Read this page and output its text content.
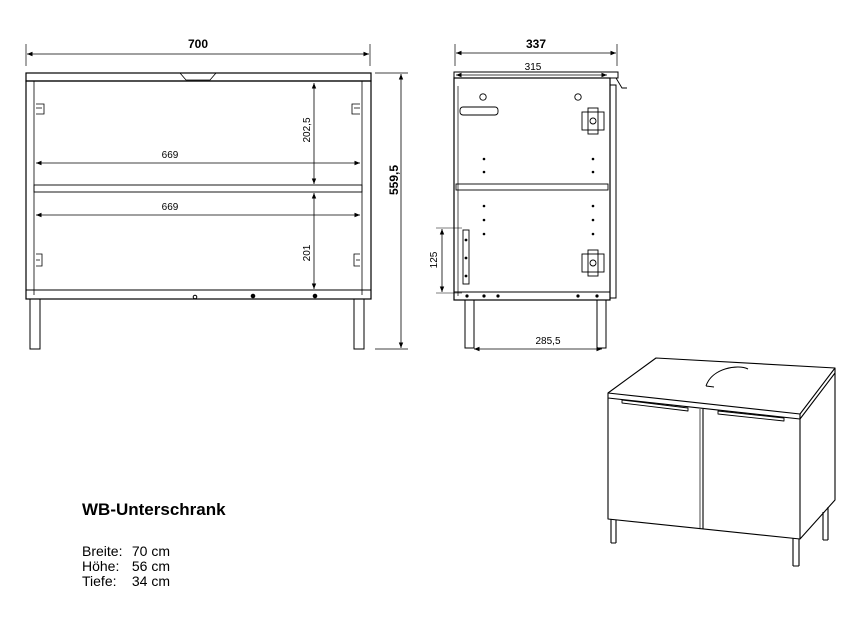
700
669
669
202,5
201
559,5
337
315
285,5
125
WB-Unterschrank
Breite: 70 cm
Höhe: 56 cm
Tiefe: 34 cm
